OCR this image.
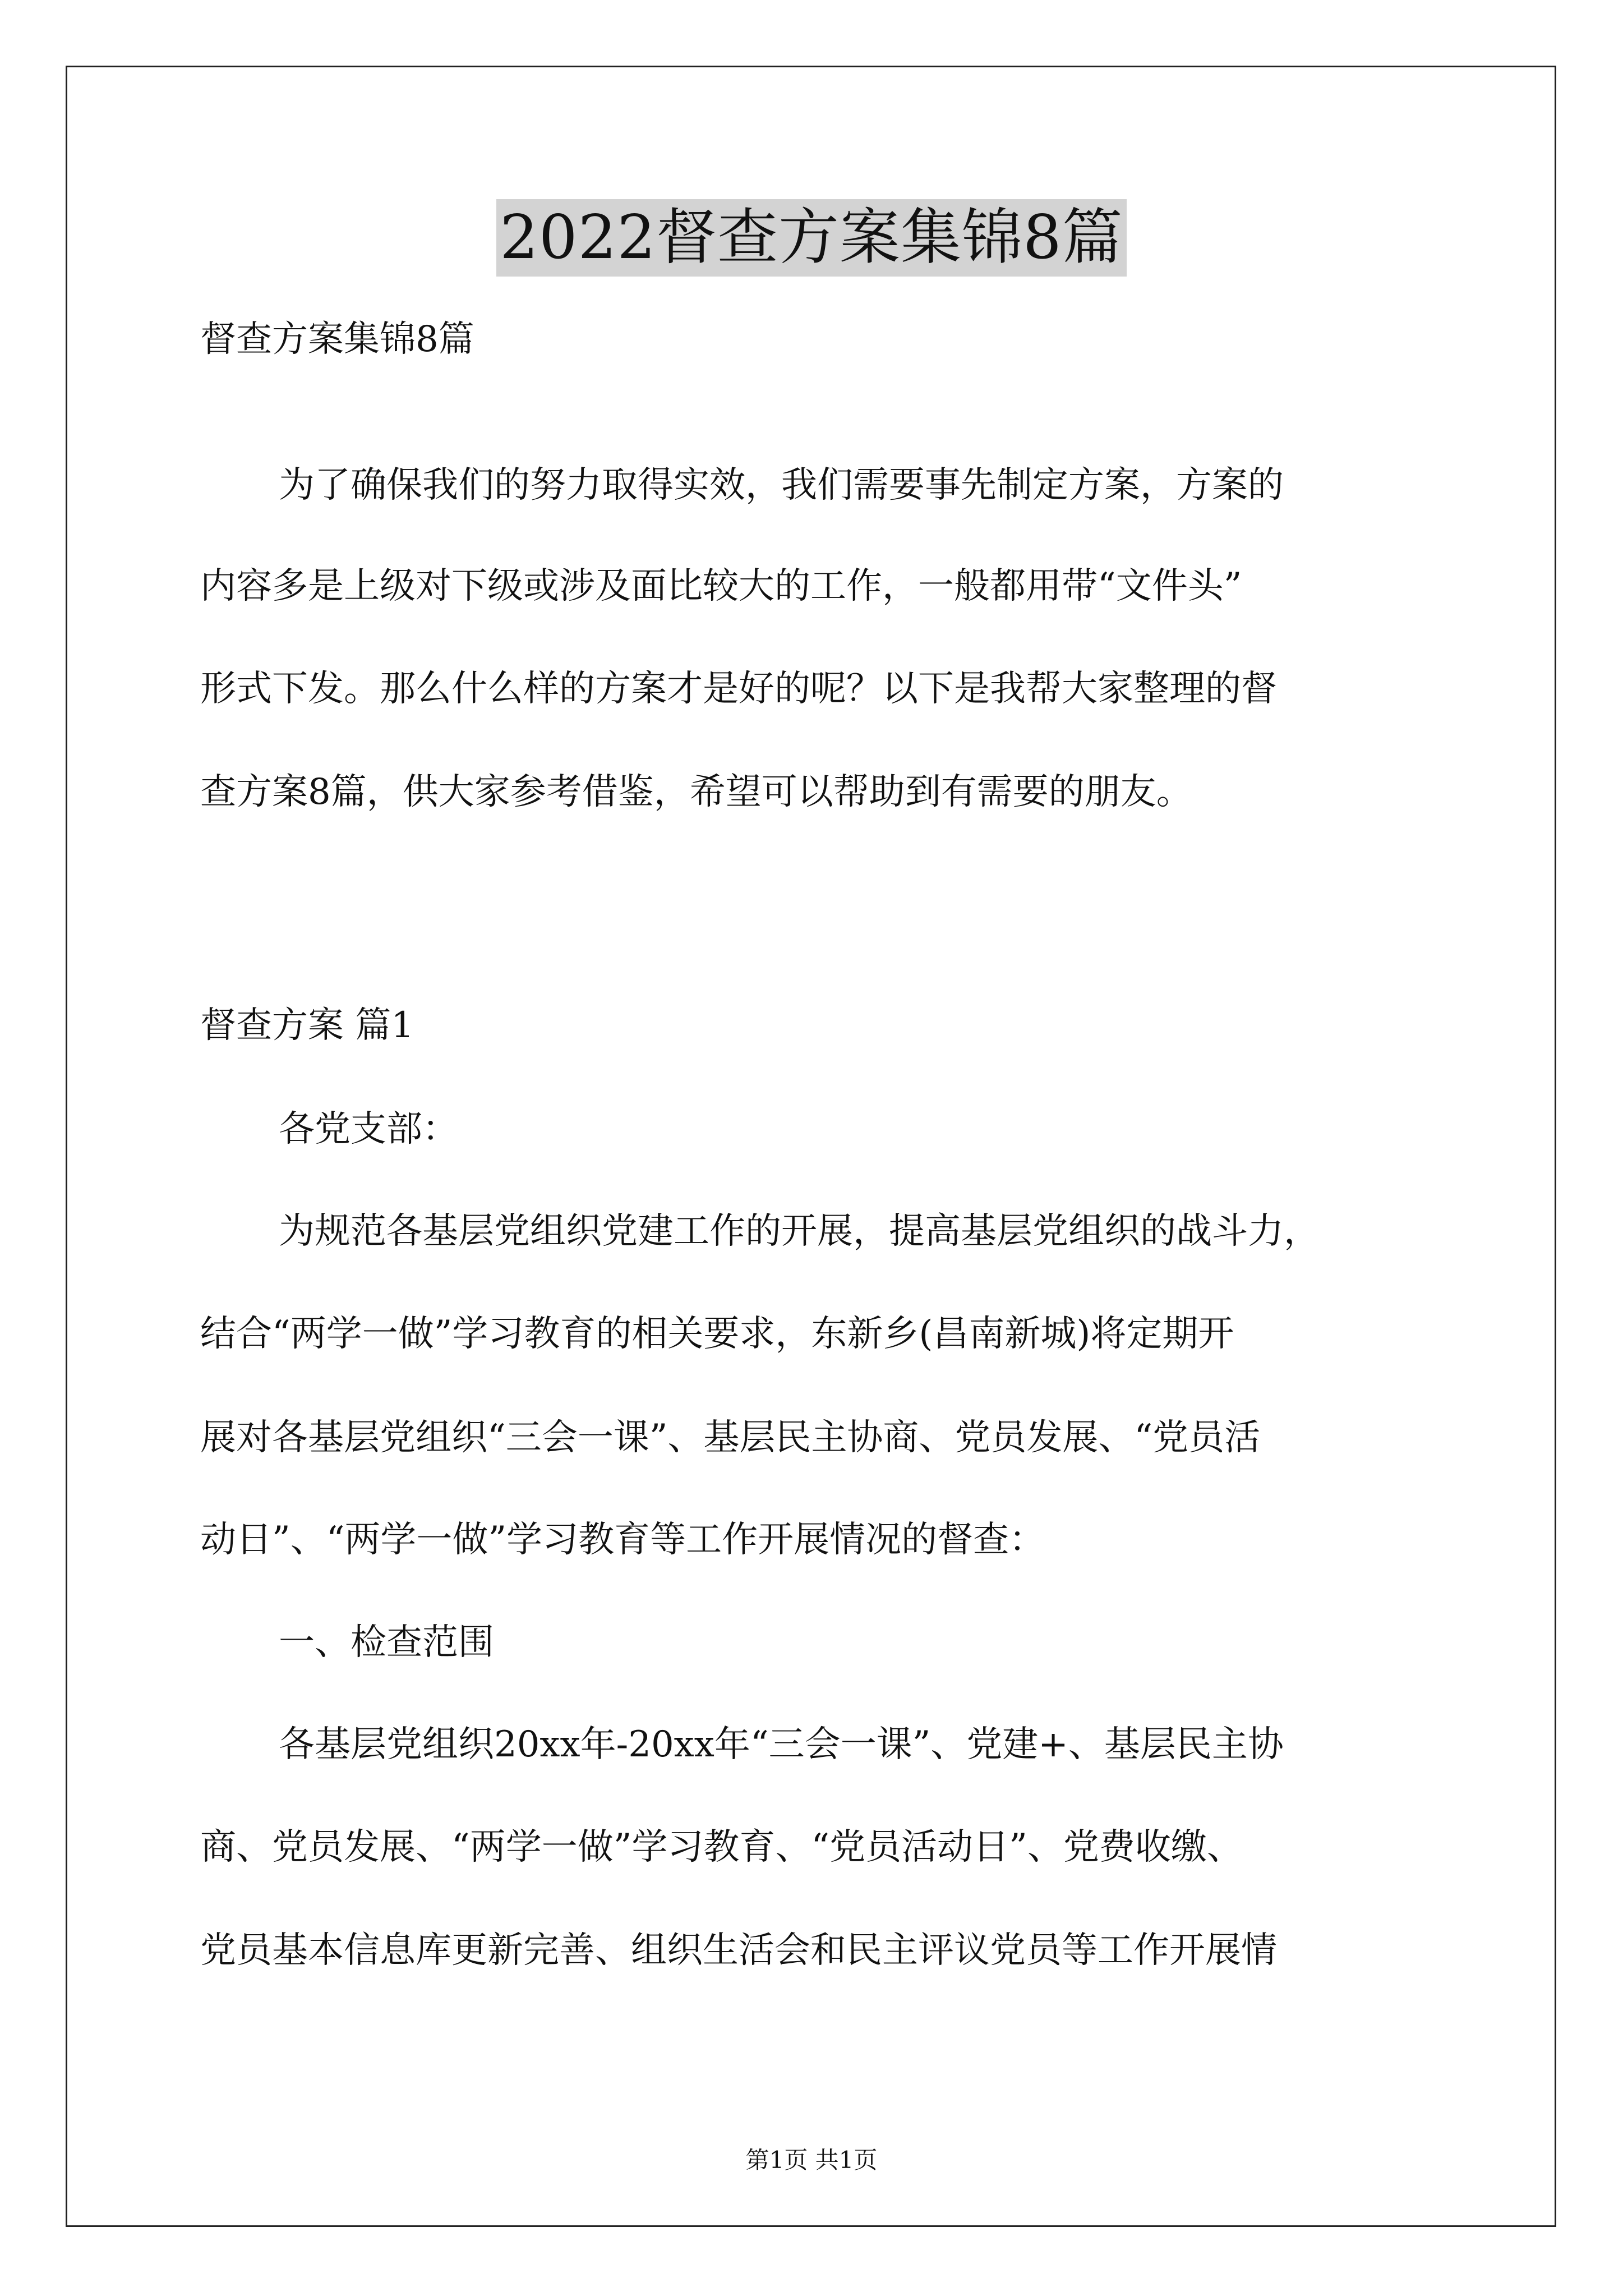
2022督查方案集锦8篇
督查方案集锦8篇
为了确保我们的努力取得实效，我们需要事先制定方案，方案的
内容多是上级对下级或涉及面比较大的工作，一般都用带“文件头”
形式下发。那么什么样的方案才是好的呢？以下是我帮大家整理的督
查方案8篇，供大家参考借鉴，希望可以帮助到有需要的朋友。
督查方案 篇1
各党支部：
为规范各基层党组织党建工作的开展，提高基层党组织的战斗力，
结合“两学一做”学习教育的相关要求，东新乡(昌南新城)将定期开
展对各基层党组织“三会一课”、基层民主协商、党员发展、“党员活
动日”、“两学一做”学习教育等工作开展情况的督查：
一、检查范围
各基层党组织20xx年-20xx年“三会一课”、党建+、基层民主协
商、党员发展、“两学一做”学习教育、“党员活动日”、党费收缴、
党员基本信息库更新完善、组织生活会和民主评议党员等工作开展情
第1页 共1页
